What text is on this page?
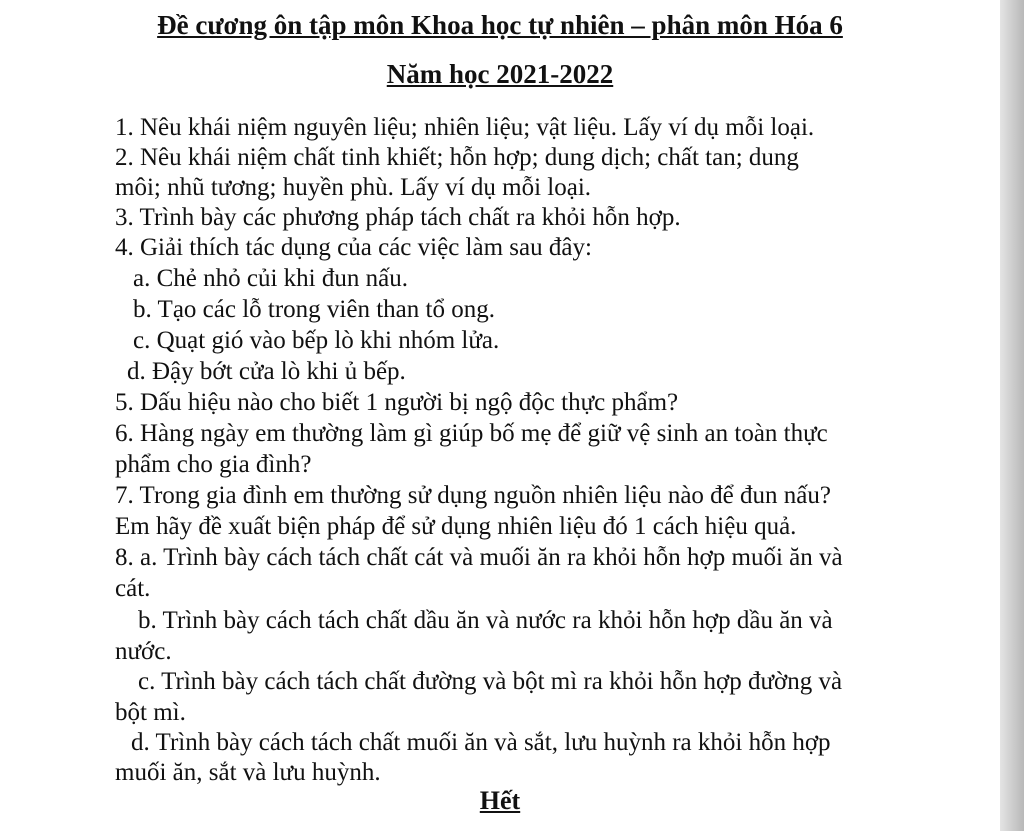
Đề cương ôn tập môn Khoa học tự nhiên – phân môn Hóa 6
Năm học 2021-2022
1. Nêu khái niệm nguyên liệu; nhiên liệu; vật liệu. Lấy ví dụ mỗi loại.
2. Nêu khái niệm chất tinh khiết; hỗn hợp; dung dịch; chất tan; dung
môi; nhũ tương; huyền phù. Lấy ví dụ mỗi loại.
3. Trình bày các phương pháp tách chất ra khỏi hỗn hợp.
4. Giải thích tác dụng của các việc làm sau đây:
a. Chẻ nhỏ củi khi đun nấu.
b. Tạo các lỗ trong viên than tổ ong.
c. Quạt gió vào bếp lò khi nhóm lửa.
d. Đậy bớt cửa lò khi ủ bếp.
5. Dấu hiệu nào cho biết 1 người bị ngộ độc thực phẩm?
6. Hàng ngày em thường làm gì giúp bố mẹ để giữ vệ sinh an toàn thực
phẩm cho gia đình?
7. Trong gia đình em thường sử dụng nguồn nhiên liệu nào để đun nấu?
Em hãy đề xuất biện pháp để sử dụng nhiên liệu đó 1 cách hiệu quả.
8. a. Trình bày cách tách chất cát và muối ăn ra khỏi hỗn hợp muối ăn và
cát.
b. Trình bày cách tách chất dầu ăn và nước ra khỏi hỗn hợp dầu ăn và
nước.
c. Trình bày cách tách chất đường và bột mì ra khỏi hỗn hợp đường và
bột mì.
d. Trình bày cách tách chất muối ăn và sắt, lưu huỳnh ra khỏi hỗn hợp
muối ăn, sắt và lưu huỳnh.
Hết
